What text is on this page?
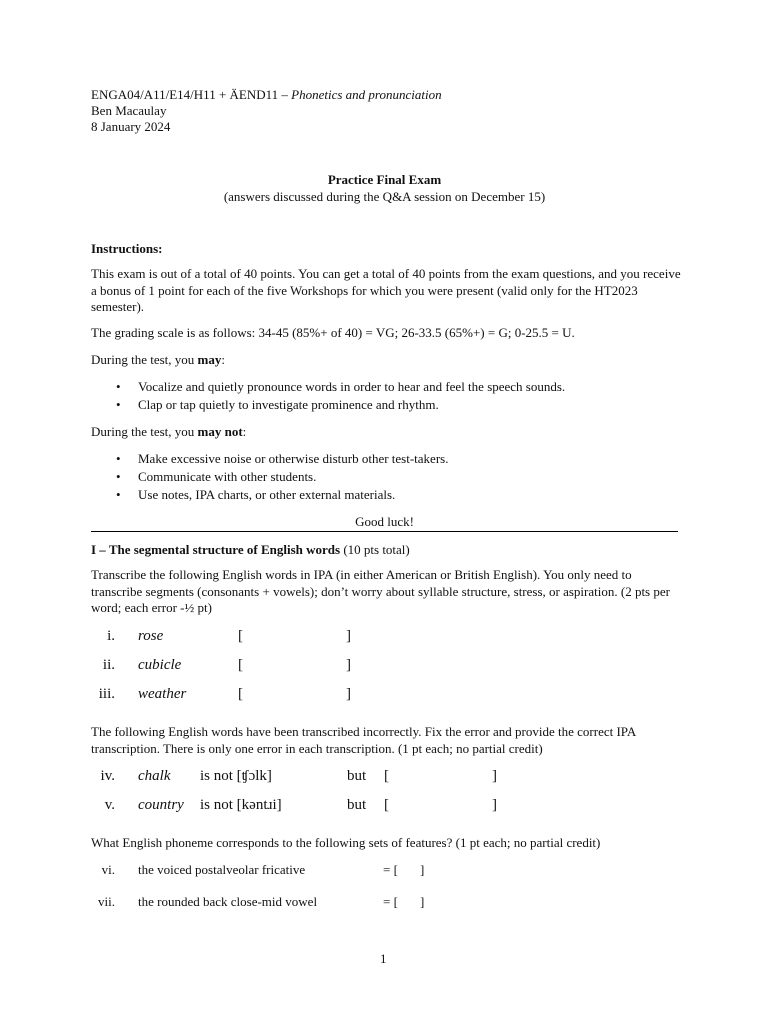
ENGA04/A11/E14/H11 + ÄEND11 – Phonetics and pronunciation
Ben Macaulay
8 January 2024
Practice Final Exam
(answers discussed during the Q&A session on December 15)
Instructions:
This exam is out of a total of 40 points. You can get a total of 40 points from the exam questions, and you receive a bonus of 1 point for each of the five Workshops for which you were present (valid only for the HT2023 semester).
The grading scale is as follows: 34-45 (85%+ of 40) = VG; 26-33.5 (65%+) = G; 0-25.5 = U.
During the test, you may:
• Vocalize and quietly pronounce words in order to hear and feel the speech sounds.
• Clap or tap quietly to investigate prominence and rhythm.
During the test, you may not:
• Make excessive noise or otherwise disturb other test-takers.
• Communicate with other students.
• Use notes, IPA charts, or other external materials.
Good luck!
I – The segmental structure of English words (10 pts total)
Transcribe the following English words in IPA (in either American or British English). You only need to transcribe segments (consonants + vowels); don’t worry about syllable structure, stress, or aspiration. (2 pts per word; each error -½ pt)
i. rose	[	]
ii. cubicle	[	]
iii. weather	[	]
The following English words have been transcribed incorrectly. Fix the error and provide the correct IPA transcription. There is only one error in each transcription. (1 pt each; no partial credit)
iv. chalk is not [ʧɔlk]	but [	]
v. country is not [kəntɹi]	but [	]
What English phoneme corresponds to the following sets of features? (1 pt each; no partial credit)
vi. the voiced postalveolar fricative	= [ ]
vii. the rounded back close-mid vowel	= [ ]
1
